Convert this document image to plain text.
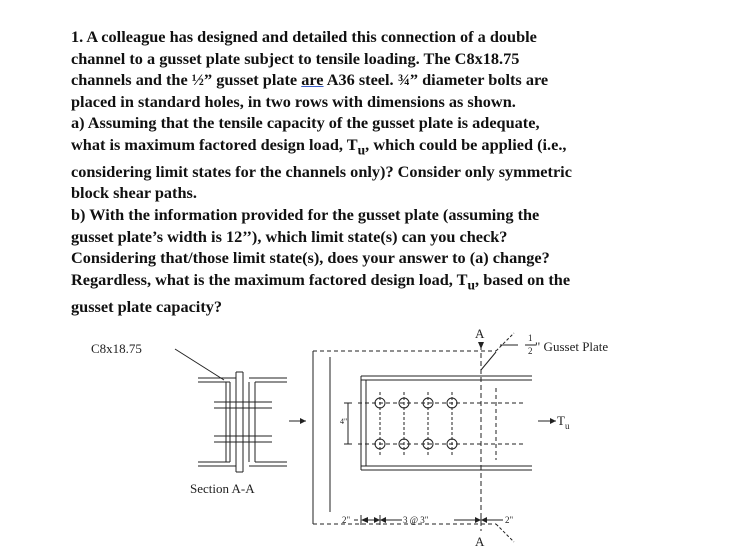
1. A colleague has designed and detailed this connection of a double

channel to a gusset plate subject to tensile loading. The C8x18.75

channels and the ½” gusset plate are A36 steel. ¾” diameter bolts are

placed in standard holes, in two rows with dimensions as shown.

a) Assuming that the tensile capacity of the gusset plate is adequate,

what is maximum factored design load, $T_u$, which could be applied (i.e.,

considering limit states for the channels only)? Consider only symmetric

block shear paths.

b) With the information provided for the gusset plate (assuming the

gusset plate’s width is 12’’), which limit state(s) can you check?

Considering that/those limit state(s), does your answer to (a) change?

Regardless, what is the maximum factored design load, $T_u$, based on the

gusset plate capacity?

C8x18.75
Section A-A
A
A
1
2 " Gusset Plate
4"
2"	3 @ 3"	2"
$T_u$
